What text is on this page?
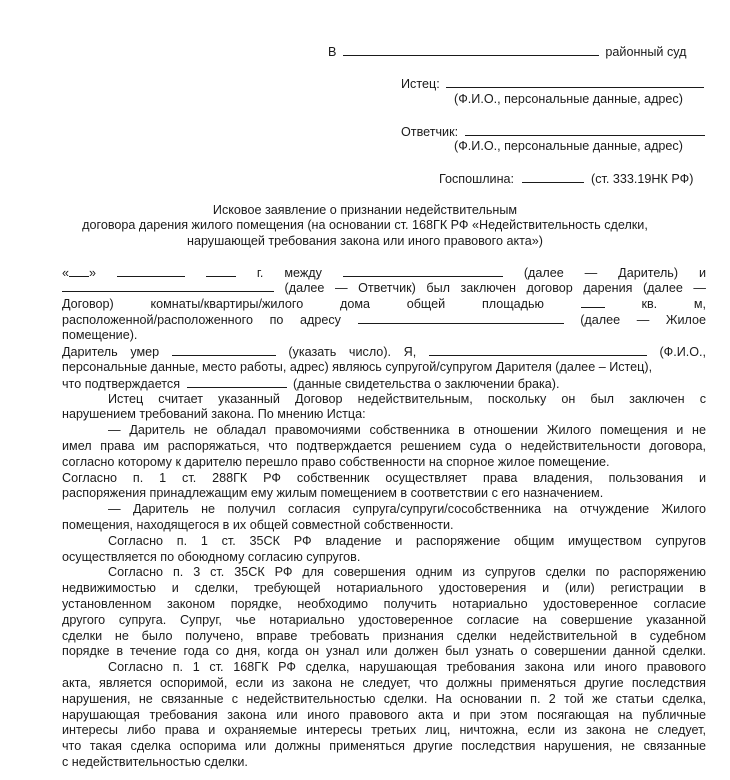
В	районный суд
Истец:
(Ф.И.О., персональные данные, адрес)
Ответчик:
(Ф.И.О., персональные данные, адрес)
Госпошлина:	(ст. 333.19НК РФ)
Исковое заявление о признании недействительным
договора дарения жилого помещения (на основании ст. 168ГК РФ «Недействительность сделки,
нарушающей требования закона или иного правового акта»)
« »	г. между	(далее — Даритель) и
(далее — Ответчик) был заключен договор дарения (далее —
Договор)	комнаты/квартиры/жилого	дома	общей	площадью	кв.	м,
расположенной/расположенного по адресу	(далее — Жилое
помещение).
Даритель умер	(указать число). Я,	(Ф.И.О.,
персональные данные, место работы, адрес) являюсь супругой/супругом Дарителя (далее – Истец),
что подтверждается	(данные свидетельства о заключении брака).
Истец считает указанный Договор недействительным, поскольку он был заключен с
нарушением требований закона. По мнению Истца:
— Даритель не обладал правомочиями собственника в отношении Жилого помещения и не
имел права им распоряжаться, что подтверждается решением суда о недействительности договора,
согласно которому к дарителю перешло право собственности на спорное жилое помещение.
Согласно п. 1 ст. 288ГК РФ собственник осуществляет права владения, пользования и
распоряжения принадлежащим ему жилым помещением в соответствии с его назначением.
— Даритель не получил согласия супруга/супруги/сособственника на отчуждение Жилого
помещения, находящегося в их общей совместной собственности.
Согласно п. 1 ст. 35СК РФ владение и распоряжение общим имуществом супругов
осуществляется по обоюдному согласию супругов.
Согласно п. 3 ст. 35СК РФ для совершения одним из супругов сделки по распоряжению
недвижимостью и сделки, требующей нотариального удостоверения и (или) регистрации в
установленном законом порядке, необходимо получить нотариально удостоверенное согласие
другого супруга. Супруг, чье нотариально удостоверенное согласие на совершение указанной
сделки не было получено, вправе требовать признания сделки недействительной в судебном
порядке в течение года со дня, когда он узнал или должен был узнать о совершении данной сделки.
Согласно п. 1 ст. 168ГК РФ сделка, нарушающая требования закона или иного правового
акта, является оспоримой, если из закона не следует, что должны применяться другие последствия
нарушения, не связанные с недействительностью сделки. На основании п. 2 той же статьи сделка,
нарушающая требования закона или иного правового акта и при этом посягающая на публичные
интересы либо права и охраняемые интересы третьих лиц, ничтожна, если из закона не следует,
что такая сделка оспорима или должны применяться другие последствия нарушения, не связанные
с недействительностью сделки.
